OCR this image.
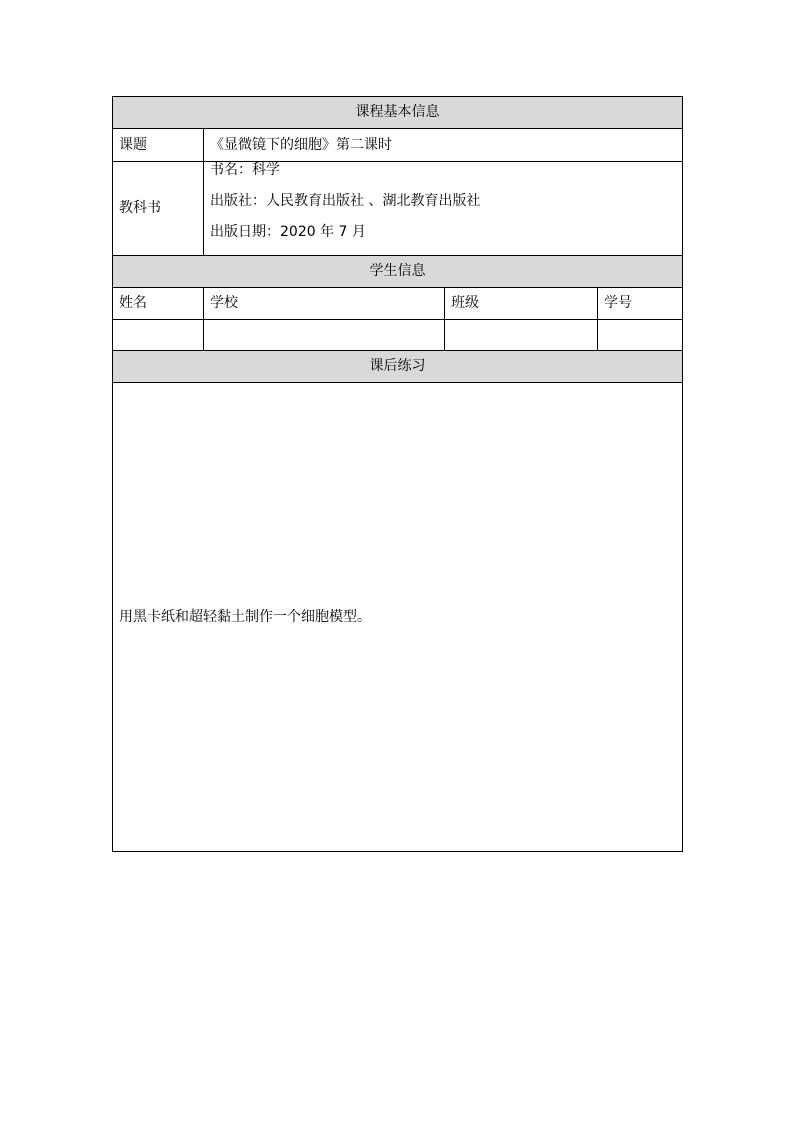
课程基本信息			
课题	《显微镜下的细胞》第二课时		
教科书	书名：科学
出版社：人民教育出版社 、湖北教育出版社
出版日期：2020 年 7 月		

学生信息			
姓名	学校	班级	学号

课后练习			
用黑卡纸和超轻黏土制作一个细胞模型。			
